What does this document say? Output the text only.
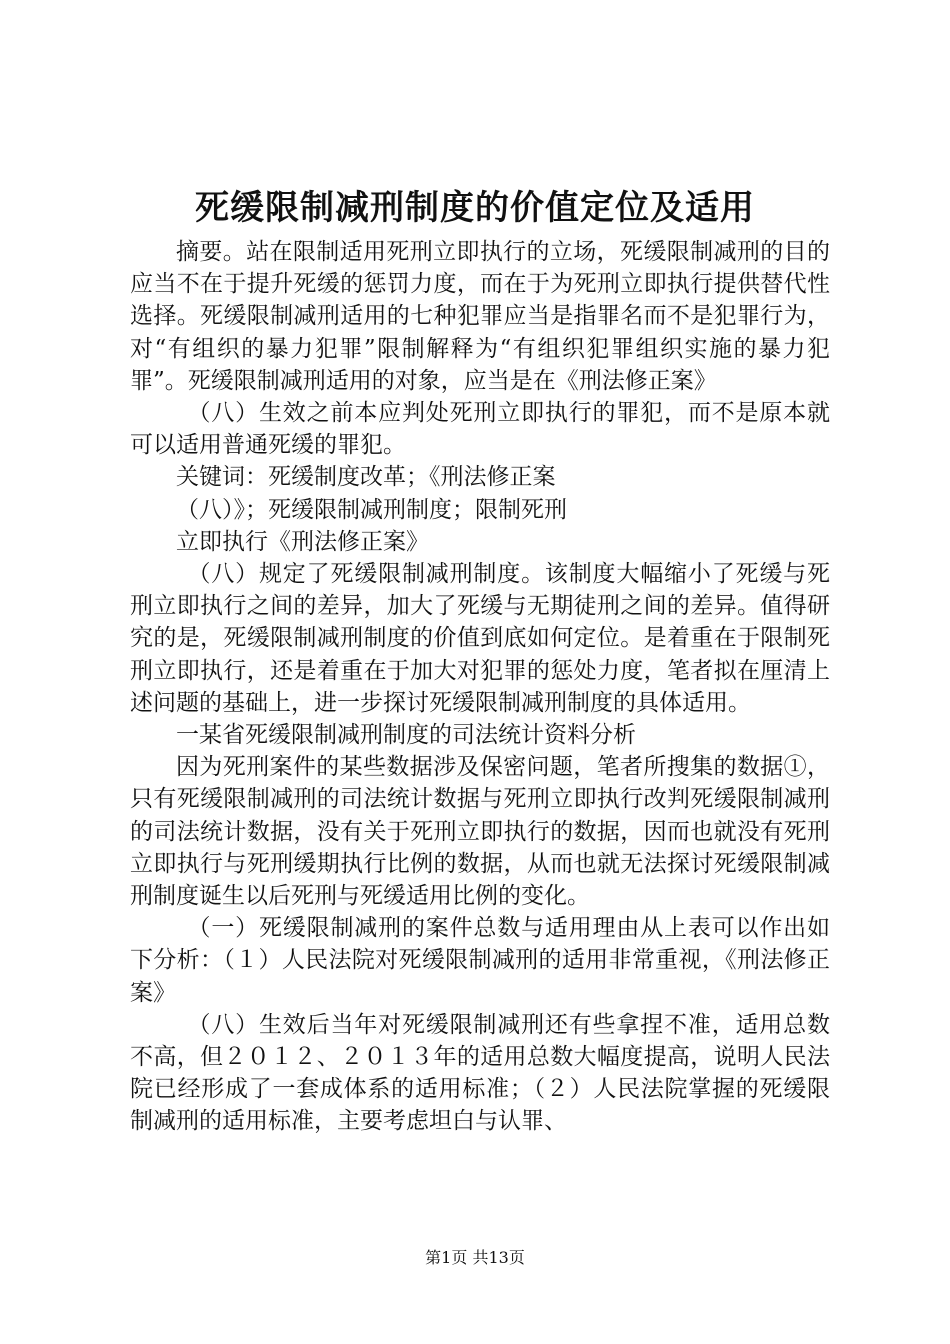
死缓限制减刑制度的价值定位及适用

摘要。站在限制适用死刑立即执行的立场，死缓限制减刑的目的应当不在于提升死缓的惩罚力度，而在于为死刑立即执行提供替代性选择。死缓限制减刑适用的七种犯罪应当是指罪名而不是犯罪行为，对“有组织的暴力犯罪”限制解释为“有组织犯罪组织实施的暴力犯罪”。死缓限制减刑适用的对象，应当是在《刑法修正案》

（八）生效之前本应判处死刑立即执行的罪犯，而不是原本就可以适用普通死缓的罪犯。

关键词：死缓制度改革；《刑法修正案

（八）》；死缓限制减刑制度；限制死刑

立即执行《刑法修正案》

（八）规定了死缓限制减刑制度。该制度大幅缩小了死缓与死刑立即执行之间的差异，加大了死缓与无期徒刑之间的差异。值得研究的是，死缓限制减刑制度的价值到底如何定位。是着重在于限制死刑立即执行，还是着重在于加大对犯罪的惩处力度，笔者拟在厘清上述问题的基础上，进一步探讨死缓限制减刑制度的具体适用。

一某省死缓限制减刑制度的司法统计资料分析

因为死刑案件的某些数据涉及保密问题，笔者所搜集的数据①，只有死缓限制减刑的司法统计数据与死刑立即执行改判死缓限制减刑的司法统计数据，没有关于死刑立即执行的数据，因而也就没有死刑立即执行与死刑缓期执行比例的数据，从而也就无法探讨死缓限制减刑制度诞生以后死刑与死缓适用比例的变化。

（一）死缓限制减刑的案件总数与适用理由从上表可以作出如下分析：（１）人民法院对死缓限制减刑的适用非常重视，《刑法修正案》

（八）生效后当年对死缓限制减刑还有些拿捏不准，适用总数不高，但２０１２、２０１３年的适用总数大幅度提高，说明人民法院已经形成了一套成体系的适用标准；（２）人民法院掌握的死缓限制减刑的适用标准，主要考虑坦白与认罪、

第1页 共13页
